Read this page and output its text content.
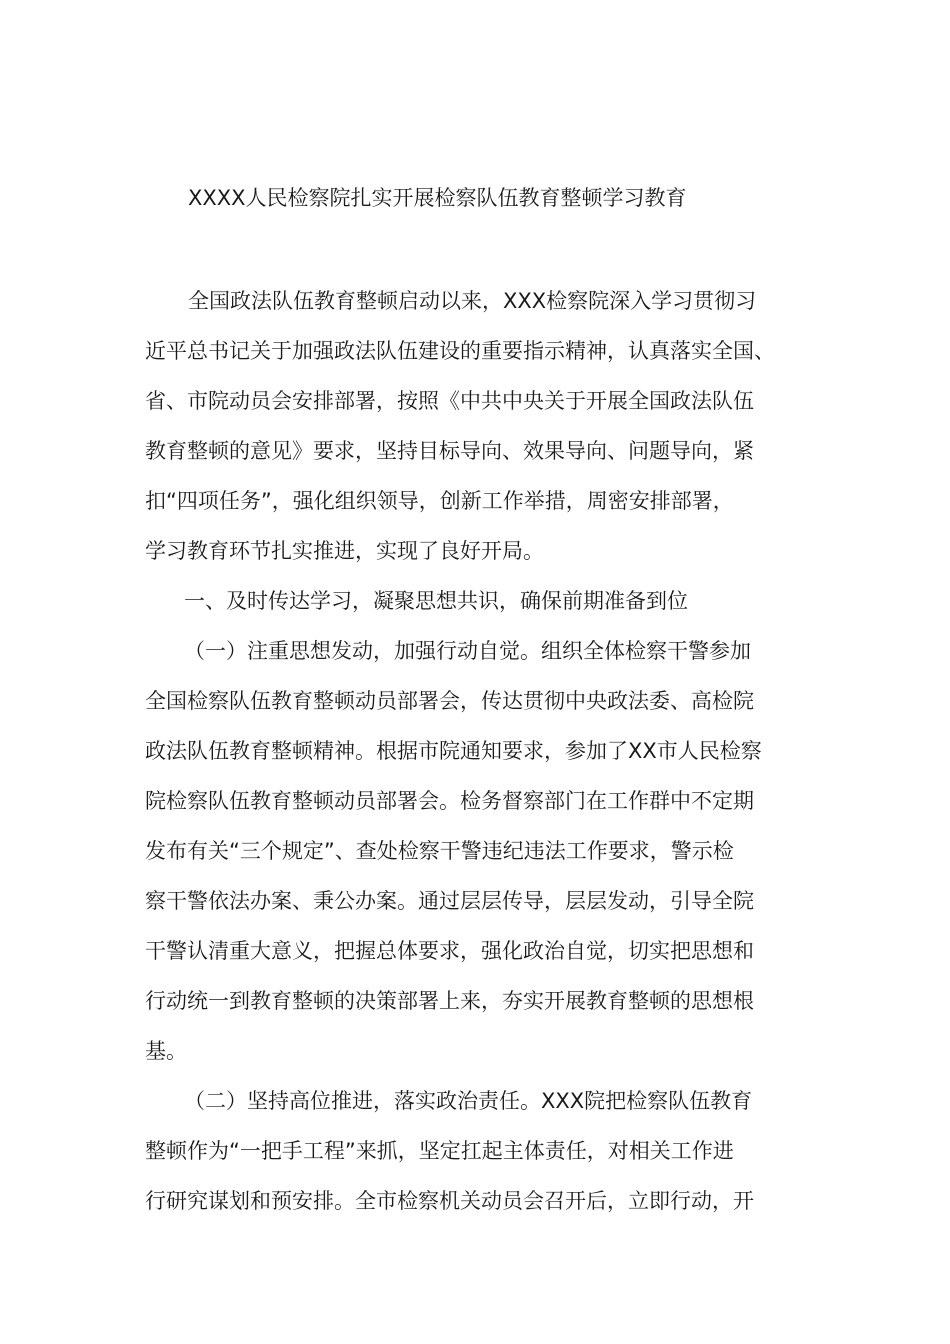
XXXX人民检察院扎实开展检察队伍教育整顿学习教育
全国政法队伍教育整顿启动以来，XXX检察院深入学习贯彻习
近平总书记关于加强政法队伍建设的重要指示精神，认真落实全国、
省、市院动员会安排部署，按照《中共中央关于开展全国政法队伍
教育整顿的意见》要求，坚持目标导向、效果导向、问题导向，紧
扣“四项任务”，强化组织领导，创新工作举措，周密安排部署，
学习教育环节扎实推进，实现了良好开局。
一、及时传达学习，凝聚思想共识，确保前期准备到位
（一）注重思想发动，加强行动自觉。组织全体检察干警参加
全国检察队伍教育整顿动员部署会，传达贯彻中央政法委、高检院
政法队伍教育整顿精神。根据市院通知要求，参加了XX市人民检察
院检察队伍教育整顿动员部署会。检务督察部门在工作群中不定期
发布有关“三个规定”、查处检察干警违纪违法工作要求，警示检
察干警依法办案、秉公办案。通过层层传导，层层发动，引导全院
干警认清重大意义，把握总体要求，强化政治自觉，切实把思想和
行动统一到教育整顿的决策部署上来，夯实开展教育整顿的思想根
基。
（二）坚持高位推进，落实政治责任。XXX院把检察队伍教育
整顿作为“一把手工程”来抓，坚定扛起主体责任，对相关工作进
行研究谋划和预安排。全市检察机关动员会召开后，立即行动，开
